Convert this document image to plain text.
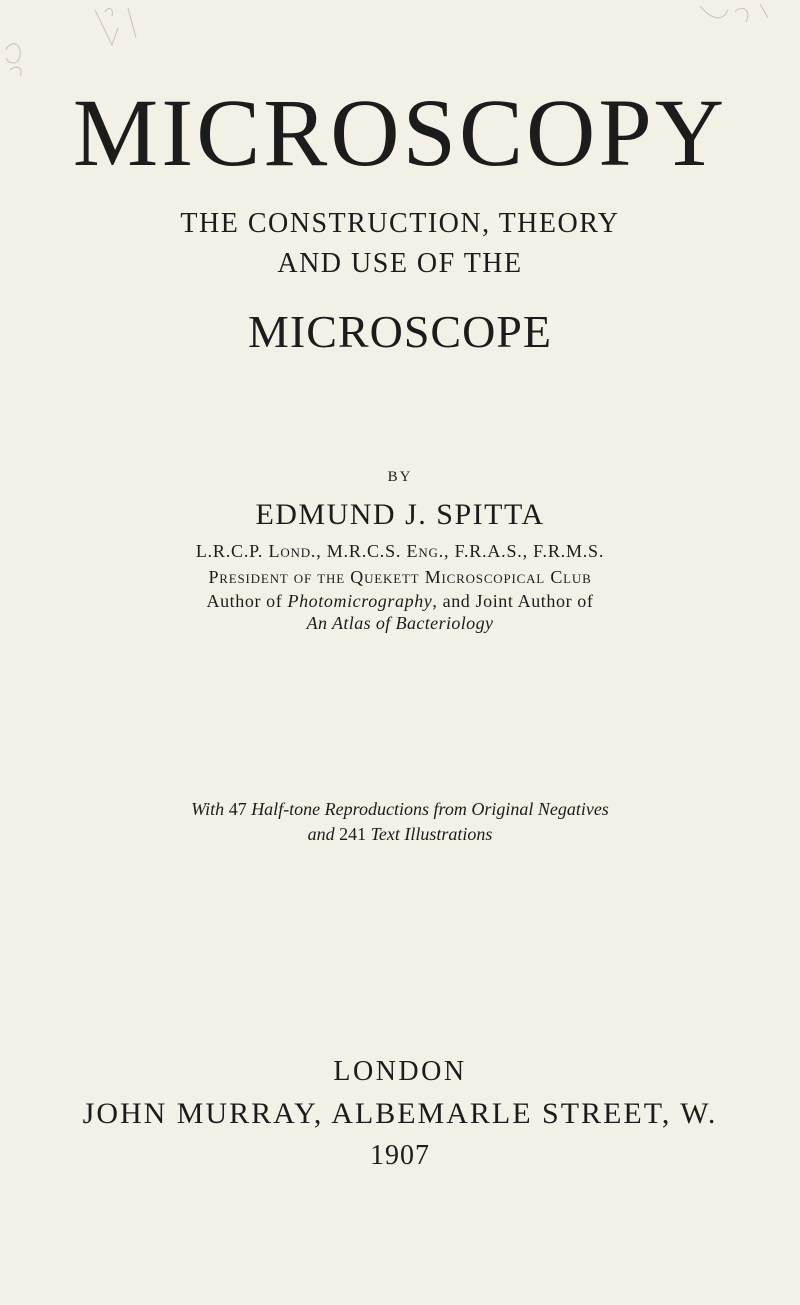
MICROSCOPY
THE CONSTRUCTION, THEORY
AND USE OF THE
MICROSCOPE
BY
EDMUND J. SPITTA
L.R.C.P. Lond., M.R.C.S. Eng., F.R.A.S., F.R.M.S.
President of the Quekett Microscopical Club
Author of Photomicrography, and Joint Author of
An Atlas of Bacteriology
With 47 Half-tone Reproductions from Original Negatives
and 241 Text Illustrations
LONDON
JOHN MURRAY, ALBEMARLE STREET, W.
1907
